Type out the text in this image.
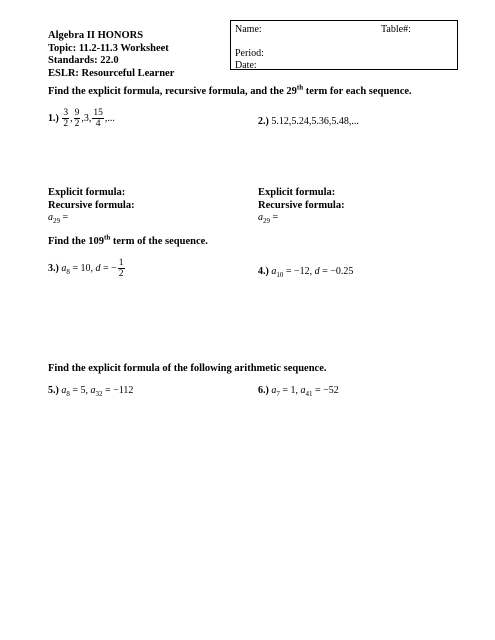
Algebra II HONORS
Topic: 11.2-11.3 Worksheet
Standards: 22.0
ESLR: Resourceful Learner
Name:	Table#:
Period:
Date:
Find the explicit formula, recursive formula, and the 29th term for each sequence.
$1.) \frac{3}{2}$ , $\frac{9}{2} ,3$, $\frac{15}{4}$ ,...	2.) 5.12,5.24,5.36,5.48,...
Explicit formula:
Recursive formula:
$a_{29}$ =
Explicit formula:
Recursive formula:
$a_{29}$ =
Find the 109th term of the sequence.
3.) $a_8 = 10$, d = − $\frac{1}{2}$	4.) $a_{10} = -12$, d = −0.25
Find the explicit formula of the following arithmetic sequence.
5.) $a_8 = 5$, $a_{32} = -112$	6.) $a_7 = 1$, $a_{41} = -52$
